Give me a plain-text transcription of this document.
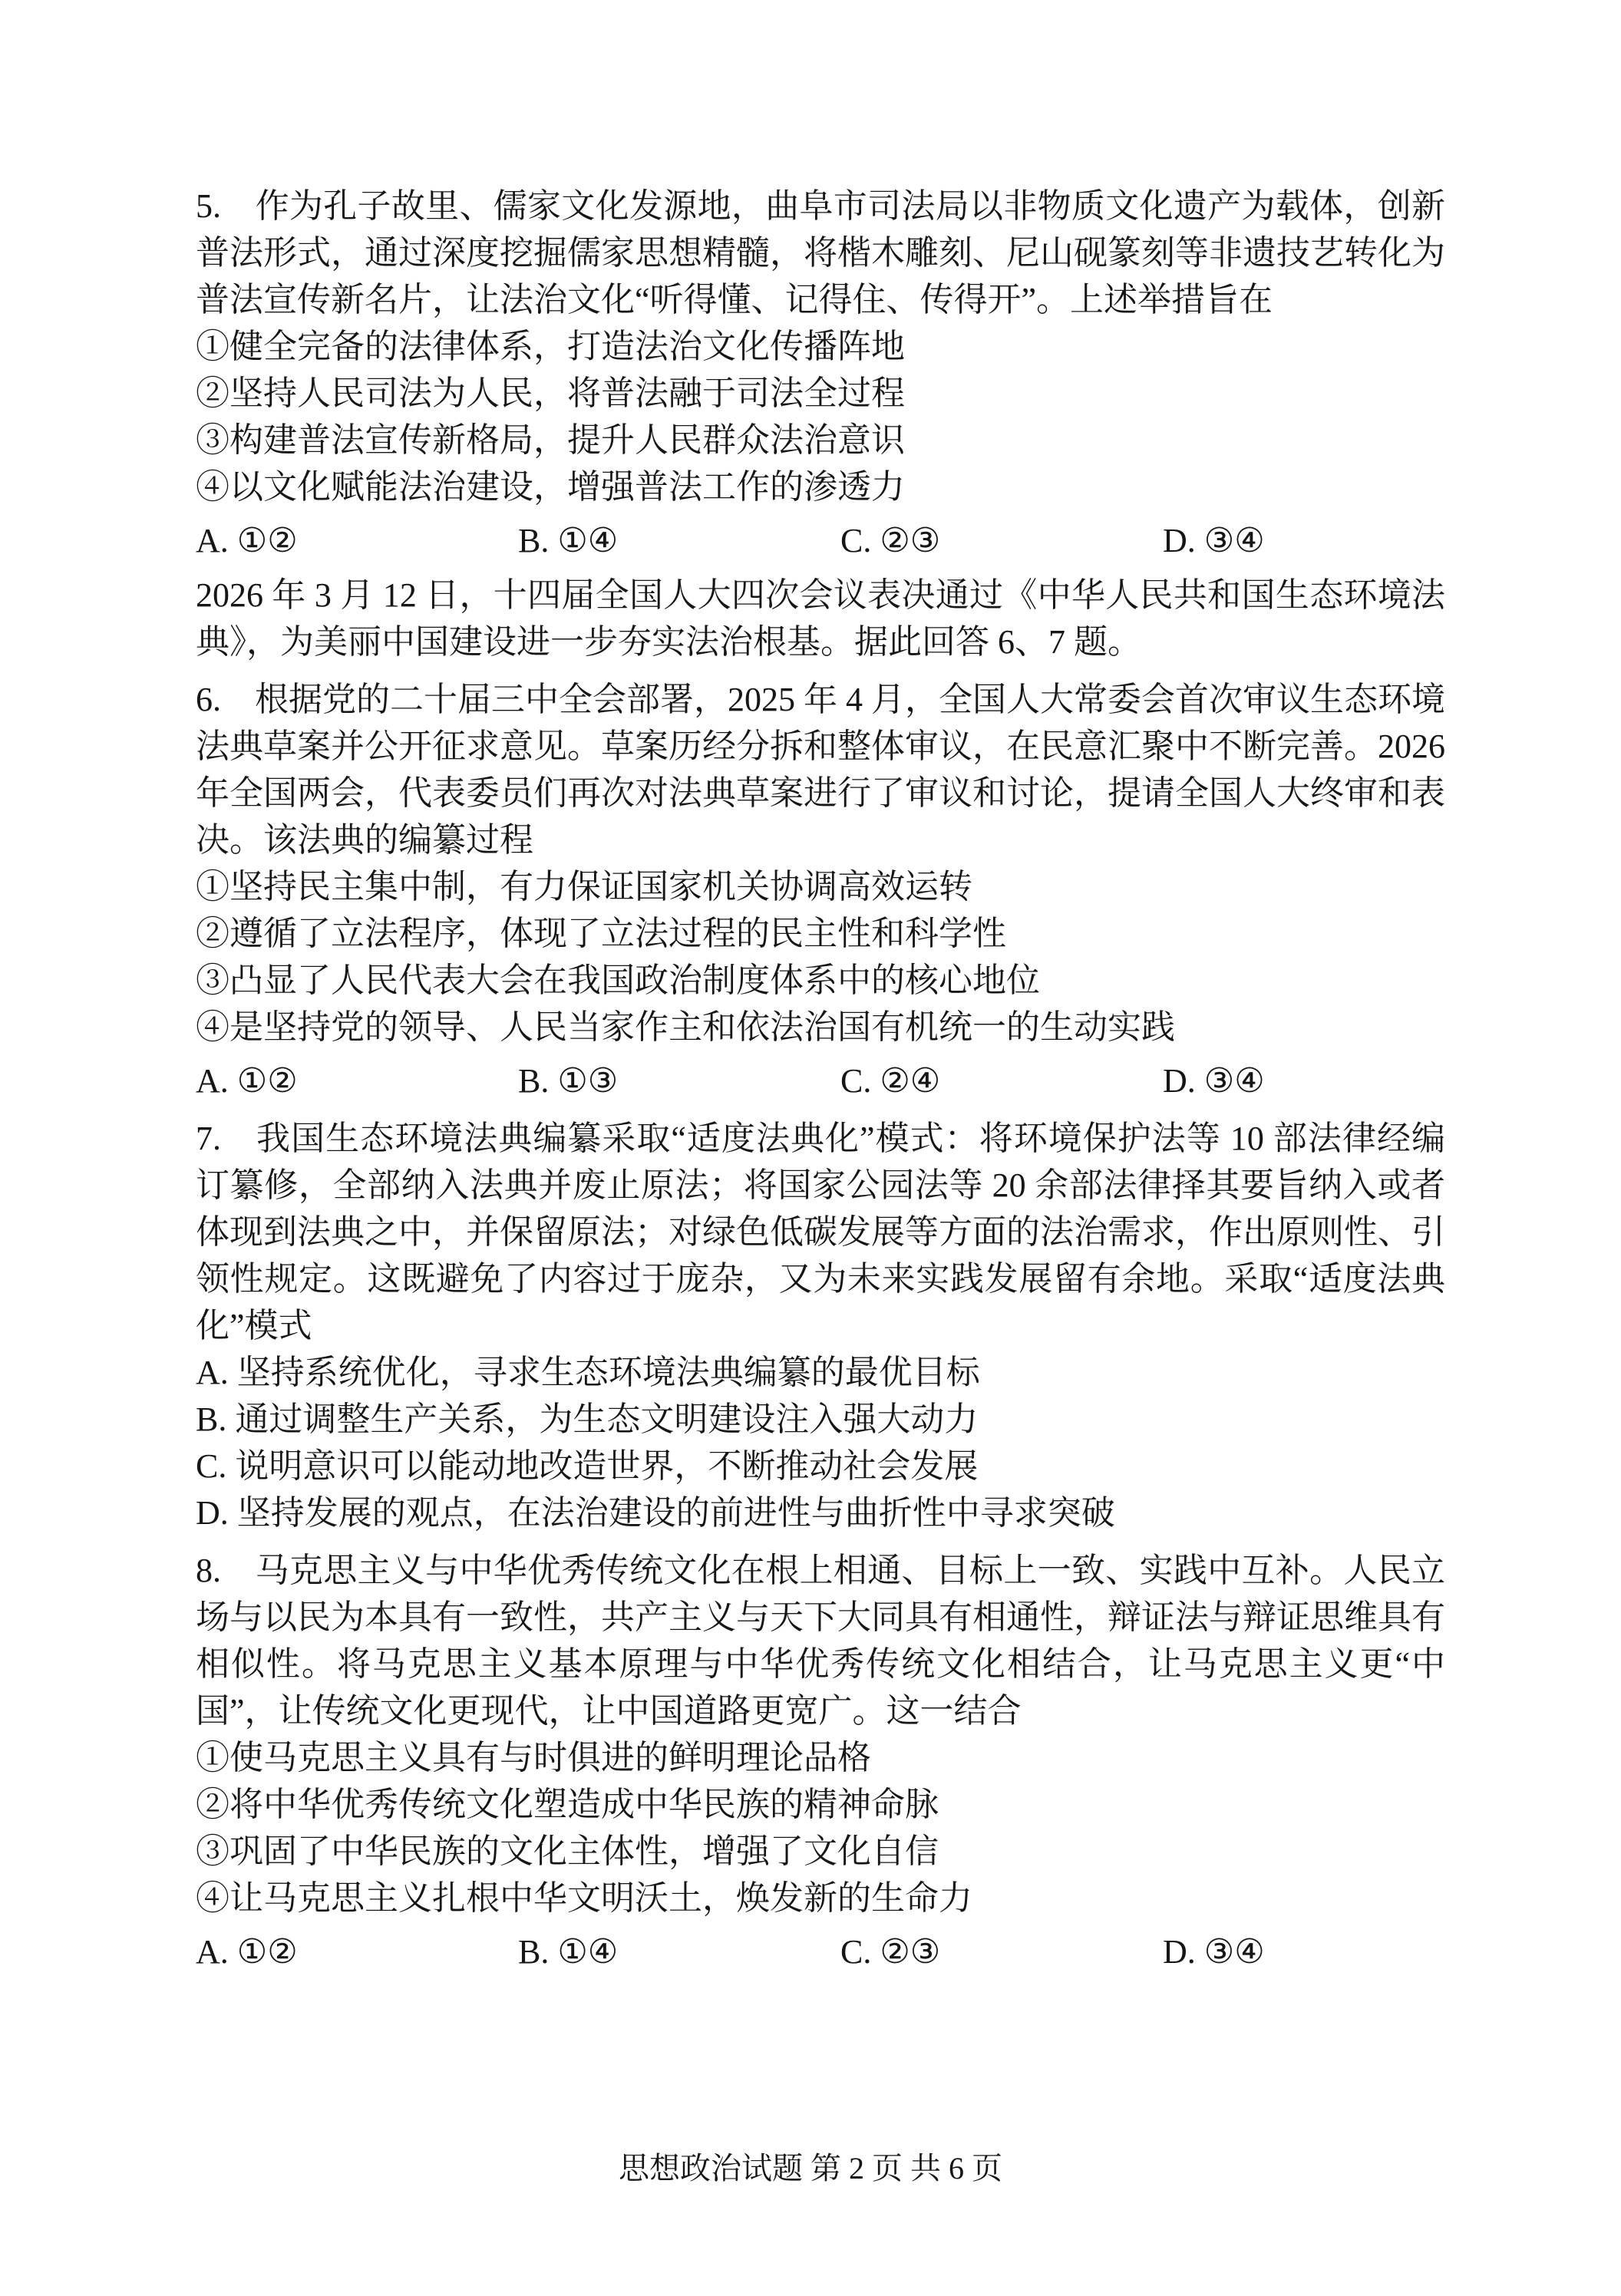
5.　作为孔子故里、儒家文化发源地，曲阜市司法局以非物质文化遗产为载体，创新普法形式，通过深度挖掘儒家思想精髓，将楷木雕刻、尼山砚篆刻等非遗技艺转化为普法宣传新名片，让法治文化“听得懂、记得住、传得开”。上述举措旨在

①健全完备的法律体系，打造法治文化传播阵地

②坚持人民司法为人民，将普法融于司法全过程

③构建普法宣传新格局，提升人民群众法治意识

④以文化赋能法治建设，增强普法工作的渗透力

A. ①②	B. ①④	C. ②③	D. ③④

2026 年 3 月 12 日，十四届全国人大四次会议表决通过《中华人民共和国生态环境法典》，为美丽中国建设进一步夯实法治根基。据此回答 6、7 题。

6.　根据党的二十届三中全会部署，2025 年 4 月，全国人大常委会首次审议生态环境法典草案并公开征求意见。草案历经分拆和整体审议，在民意汇聚中不断完善。2026 年全国两会，代表委员们再次对法典草案进行了审议和讨论，提请全国人大终审和表决。该法典的编纂过程

①坚持民主集中制，有力保证国家机关协调高效运转

②遵循了立法程序，体现了立法过程的民主性和科学性

③凸显了人民代表大会在我国政治制度体系中的核心地位

④是坚持党的领导、人民当家作主和依法治国有机统一的生动实践

A. ①②	B. ①③	C. ②④	D. ③④

7.　我国生态环境法典编纂采取“适度法典化”模式：将环境保护法等 10 部法律经编订纂修，全部纳入法典并废止原法；将国家公园法等 20 余部法律择其要旨纳入或者体现到法典之中，并保留原法；对绿色低碳发展等方面的法治需求，作出原则性、引领性规定。这既避免了内容过于庞杂，又为未来实践发展留有余地。采取“适度法典化”模式

A. 坚持系统优化，寻求生态环境法典编纂的最优目标

B. 通过调整生产关系，为生态文明建设注入强大动力

C. 说明意识可以能动地改造世界，不断推动社会发展

D. 坚持发展的观点，在法治建设的前进性与曲折性中寻求突破

8.　马克思主义与中华优秀传统文化在根上相通、目标上一致、实践中互补。人民立场与以民为本具有一致性，共产主义与天下大同具有相通性，辩证法与辩证思维具有相似性。将马克思主义基本原理与中华优秀传统文化相结合，让马克思主义更“中国”，让传统文化更现代，让中国道路更宽广。这一结合

①使马克思主义具有与时俱进的鲜明理论品格

②将中华优秀传统文化塑造成中华民族的精神命脉

③巩固了中华民族的文化主体性，增强了文化自信

④让马克思主义扎根中华文明沃土，焕发新的生命力

A. ①②	B. ①④	C. ②③	D. ③④
思想政治试题 第 2 页 共 6 页
